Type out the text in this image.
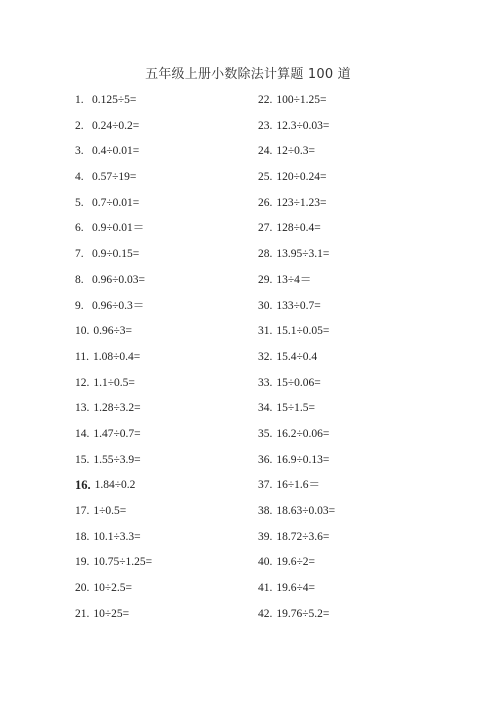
五年级上册小数除法计算题 100 道
1. 0.125÷5=
2. 0.24÷0.2=
3. 0.4÷0.01=
4. 0.57÷19=
5. 0.7÷0.01=
6. 0.9÷0.01＝
7. 0.9÷0.15=
8. 0.96÷0.03=
9. 0.96÷0.3＝
10. 0.96÷3=
11. 1.08÷0.4=
12. 1.1÷0.5=
13. 1.28÷3.2=
14. 1.47÷0.7=
15. 1.55÷3.9=
16. 1.84÷0.2
17. 1÷0.5=
18. 10.1÷3.3=
19. 10.75÷1.25=
20. 10÷2.5=
21. 10÷25=
22. 100÷1.25=
23. 12.3÷0.03=
24. 12÷0.3=
25. 120÷0.24=
26. 123÷1.23=
27. 128÷0.4=
28. 13.95÷3.1=
29. 13÷4＝
30. 133÷0.7=
31. 15.1÷0.05=
32. 15.4÷0.4
33. 15÷0.06=
34. 15÷1.5=
35. 16.2÷0.06=
36. 16.9÷0.13=
37. 16÷1.6＝
38. 18.63÷0.03=
39. 18.72÷3.6=
40. 19.6÷2=
41. 19.6÷4=
42. 19.76÷5.2=
